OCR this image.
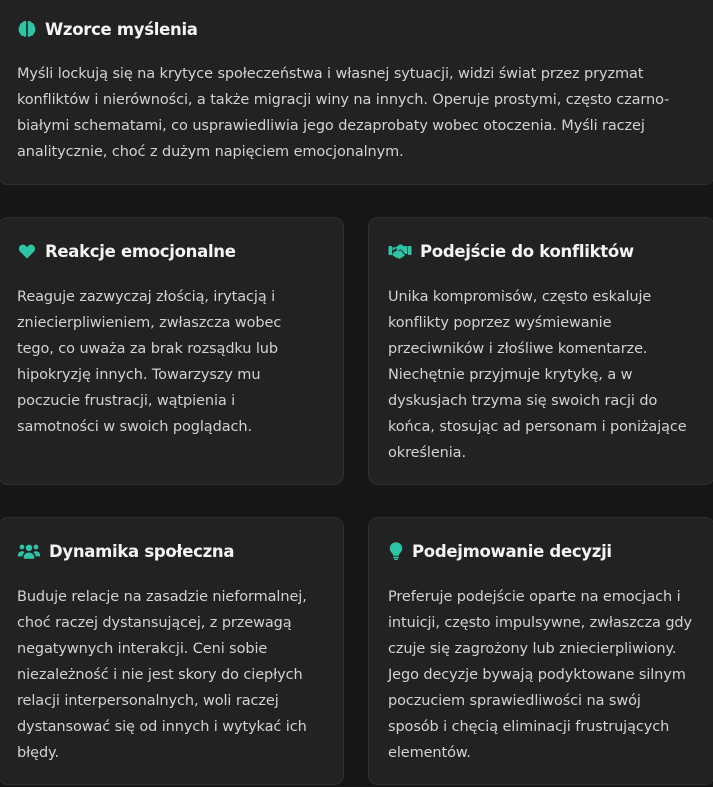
Wzorce myślenia
Myśli lockują się na krytyce społeczeństwa i własnej sytuacji, widzi świat przez pryzmat
konfliktów i nierówności, a także migracji winy na innych. Operuje prostymi, często czarno-
białymi schematami, co usprawiedliwia jego dezaprobaty wobec otoczenia. Myśli raczej
analitycznie, choć z dużym napięciem emocjonalnym.
Reakcje emocjonalne
Reaguje zazwyczaj złością, irytacją i
zniecierpliwieniem, zwłaszcza wobec
tego, co uważa za brak rozsądku lub
hipokryzję innych. Towarzyszy mu
poczucie frustracji, wątpienia i
samotności w swoich poglądach.
Podejście do konfliktów
Unika kompromisów, często eskaluje
konflikty poprzez wyśmiewanie
przeciwników i złośliwe komentarze.
Niechętnie przyjmuje krytykę, a w
dyskusjach trzyma się swoich racji do
końca, stosując ad personam i poniżające
określenia.
Dynamika społeczna
Buduje relacje na zasadzie nieformalnej,
choć raczej dystansującej, z przewagą
negatywnych interakcji. Ceni sobie
niezależność i nie jest skory do ciepłych
relacji interpersonalnych, woli raczej
dystansować się od innych i wytykać ich
błędy.
Podejmowanie decyzji
Preferuje podejście oparte na emocjach i
intuicji, często impulsywne, zwłaszcza gdy
czuje się zagrożony lub zniecierpliwiony.
Jego decyzje bywają podyktowane silnym
poczuciem sprawiedliwości na swój
sposób i chęcią eliminacji frustrujących
elementów.
